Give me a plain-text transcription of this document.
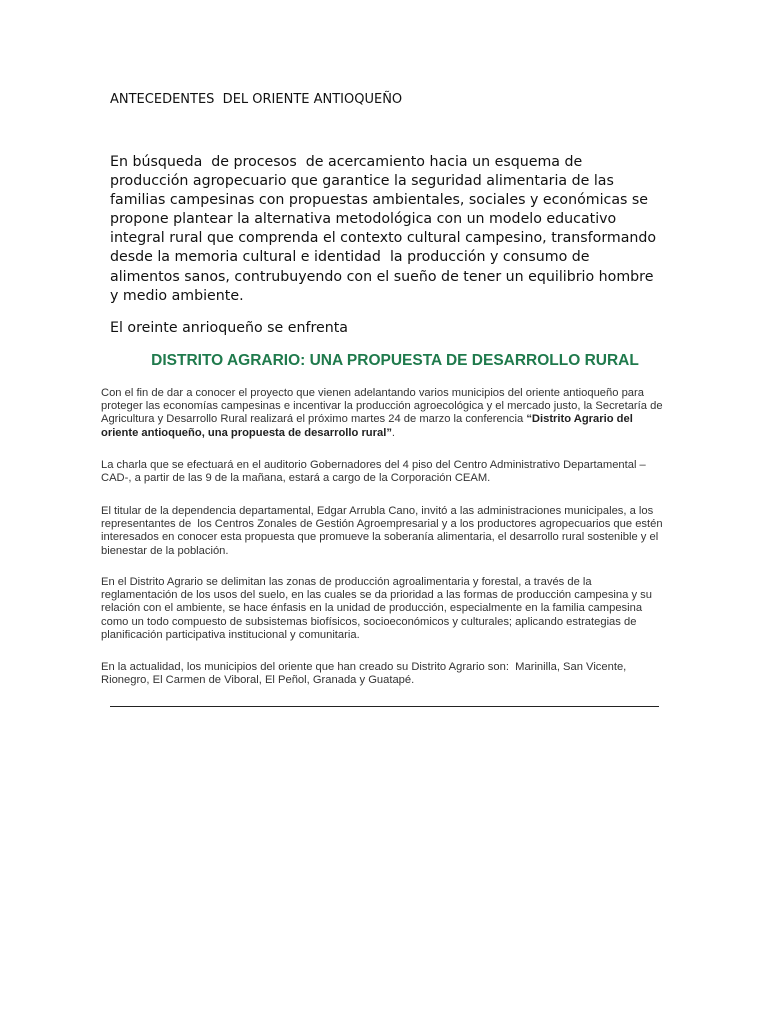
ANTECEDENTES  DEL ORIENTE ANTIOQUEÑO
En búsqueda  de procesos  de acercamiento hacia un esquema de
producción agropecuario que garantice la seguridad alimentaria de las
familias campesinas con propuestas ambientales, sociales y económicas se
propone plantear la alternativa metodológica con un modelo educativo
integral rural que comprenda el contexto cultural campesino, transformando
desde la memoria cultural e identidad  la producción y consumo de
alimentos sanos, contrubuyendo con el sueño de tener un equilibrio hombre
y medio ambiente.

El oreinte anrioqueño se enfrenta

DISTRITO AGRARIO: UNA PROPUESTA DE DESARROLLO RURAL
Con el fin de dar a conocer el proyecto que vienen adelantando varios municipios del oriente antioqueño para
proteger las economías campesinas e incentivar la producción agroecológica y el mercado justo, la Secretaría de
Agricultura y Desarrollo Rural realizará el próximo martes 24 de marzo la conferencia “Distrito Agrario del
oriente antioqueño, una propuesta de desarrollo rural”.
La charla que se efectuará en el auditorio Gobernadores del 4 piso del Centro Administrativo Departamental –
CAD-, a partir de las 9 de la mañana, estará a cargo de la Corporación CEAM.
El titular de la dependencia departamental, Edgar Arrubla Cano, invitó a las administraciones municipales, a los
representantes de  los Centros Zonales de Gestión Agroempresarial y a los productores agropecuarios que estén
interesados en conocer esta propuesta que promueve la soberanía alimentaria, el desarrollo rural sostenible y el
bienestar de la población.
En el Distrito Agrario se delimitan las zonas de producción agroalimentaria y forestal, a través de la
reglamentación de los usos del suelo, en las cuales se da prioridad a las formas de producción campesina y su
relación con el ambiente, se hace énfasis en la unidad de producción, especialmente en la familia campesina
como un todo compuesto de subsistemas biofísicos, socioeconómicos y culturales; aplicando estrategias de
planificación participativa institucional y comunitaria.
En la actualidad, los municipios del oriente que han creado su Distrito Agrario son:  Marinilla, San Vicente,
Rionegro, El Carmen de Viboral, El Peñol, Granada y Guatapé.
